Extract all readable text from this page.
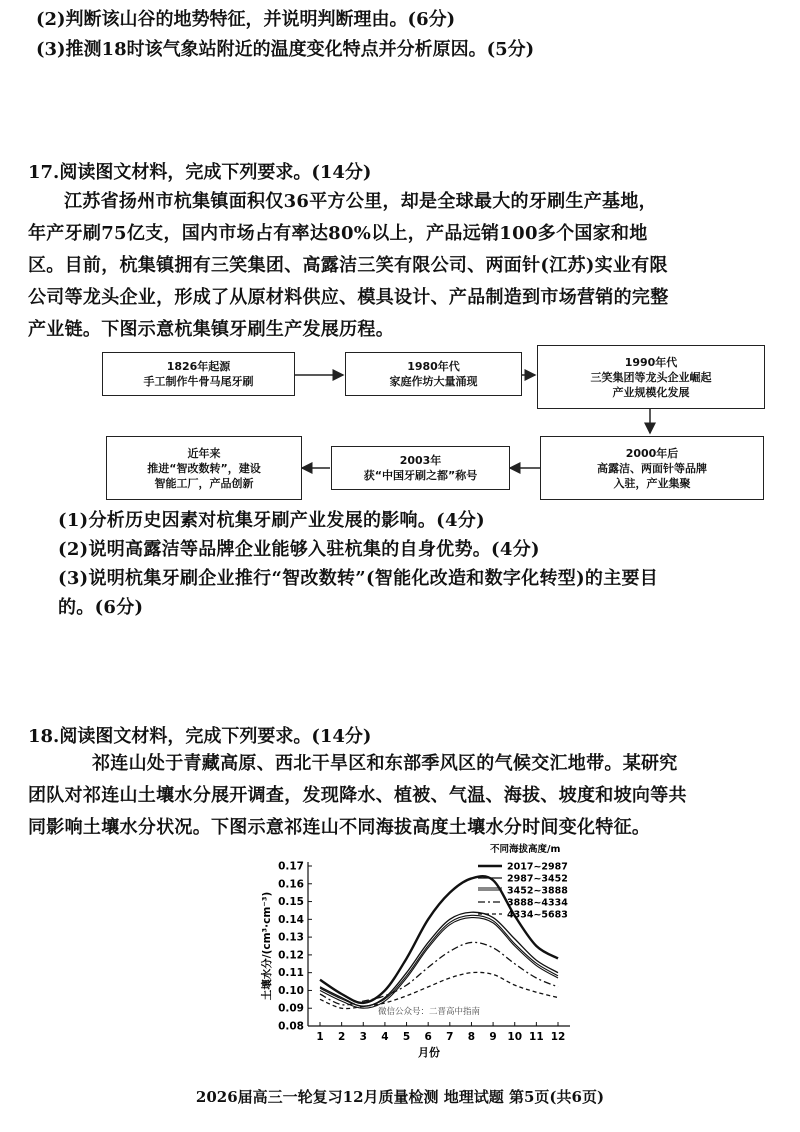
(2)判断该山谷的地势特征，并说明判断理由。(6分)
(3)推测18时该气象站附近的温度变化特点并分析原因。(5分)
17.阅读图文材料，完成下列要求。(14分)
江苏省扬州市杭集镇面积仅36平方公里，却是全球最大的牙刷生产基地，
年产牙刷75亿支，国内市场占有率达80%以上，产品远销100多个国家和地
区。目前，杭集镇拥有三笑集团、高露洁三笑有限公司、两面针(江苏)实业有限
公司等龙头企业，形成了从原材料供应、模具设计、产品制造到市场营销的完整
产业链。下图示意杭集镇牙刷生产发展历程。
1826年起源
手工制作牛骨马尾牙刷
1980年代
家庭作坊大量涌现
1990年代
三笑集团等龙头企业崛起
产业规模化发展
2000年后
高露洁、两面针等品牌
入驻，产业集聚
2003年
获“中国牙刷之都”称号
近年来
推进“智改数转”，建设
智能工厂，产品创新
(1)分析历史因素对杭集牙刷产业发展的影响。(4分)
(2)说明高露洁等品牌企业能够入驻杭集的自身优势。(4分)
(3)说明杭集牙刷企业推行“智改数转”(智能化改造和数字化转型)的主要目
的。(6分)
18.阅读图文材料，完成下列要求。(14分)
祁连山处于青藏高原、西北干旱区和东部季风区的气候交汇地带。某研究
团队对祁连山土壤水分展开调查，发现降水、植被、气温、海拔、坡度和坡向等共
同影响土壤水分状况。下图示意祁连山不同海拔高度土壤水分时间变化特征。
0.08
0.09
0.10
0.11
0.12
0.13
0.14
0.15
0.16
0.17
1 2 3 4 5 6 7 8 9 10 11 12
月份
土壤水分/(cm³·cm⁻³)
微信公众号：二晋高中指南
不同海拔高度/m
2017~2987
2987~3452
3452~3888
3888~4334
4334~5683
2026届高三一轮复习12月质量检测 地理试题 第5页(共6页)
